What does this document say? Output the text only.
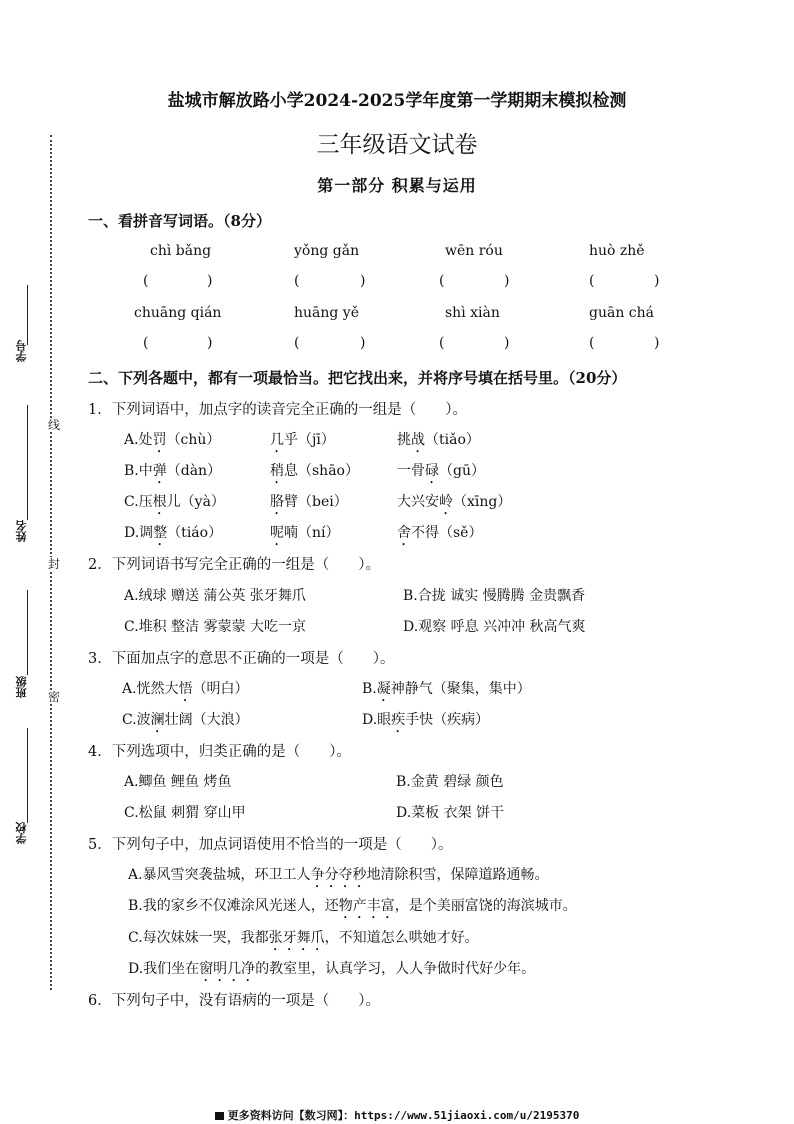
线
封
密
学号
姓名
班级
学校
盐城市解放路小学2024-2025学年度第一学期期末模拟检测
三年级语文试卷
第一部分 积累与运用
一、看拼音写词语。（8分）
chì bǎng	yǒng gǎn	wēn róu	huò zhě
(	)	(	)	(	)	(	)
chuāng qián	huāng yě	shì xiàn	guān chá
(	)	(	)	(	)	(	)
二、下列各题中，都有一项最恰当。把它找出来，并将序号填在括号里。（20分）
1．下列词语中，加点字的读音完全正确的一组是（　　）。
A.处罚（chù）	几乎（jī）	挑战（tiǎo）
B.中弹（dàn）	稍息（shāo）	一骨碌（gū）
C.压根儿（yà）	胳臂（bei）	大兴安岭（xīng）
D.调整（tiáo）	呢喃（ní）	舍不得（sě）
2．下列词语书写完全正确的一组是（　　）。
A.绒球 赠送 蒲公英 张牙舞爪	B.合拢 诚实 慢腾腾 金贵飘香
C.堆积 整洁 雾蒙蒙 大吃一京	D.观察 呼息 兴冲冲 秋高气爽
3．下面加点字的意思不正确的一项是（　　）。
A.恍然大悟（明白）	B.凝神静气（聚集，集中）
C.波澜壮阔（大浪）	D.眼疾手快（疾病）
4．下列选项中，归类正确的是（　　）。
A.鲫鱼 鲤鱼 烤鱼	B.金黄 碧绿 颜色
C.松鼠 刺猬 穿山甲	D.菜板 衣架 饼干
5．下列句子中，加点词语使用不恰当的一项是（　　）。
A.暴风雪突袭盐城，环卫工人争分夺秒地清除积雪，保障道路通畅。
B.我的家乡不仅滩涂风光迷人，还物产丰富，是个美丽富饶的海滨城市。
C.每次妹妹一哭，我都张牙舞爪，不知道怎么哄她才好。
D.我们坐在窗明几净的教室里，认真学习，人人争做时代好少年。
6．下列句子中，没有语病的一项是（　　）。
更多资料访问【数习网】：https://www.51jiaoxi.com/u/2195370
